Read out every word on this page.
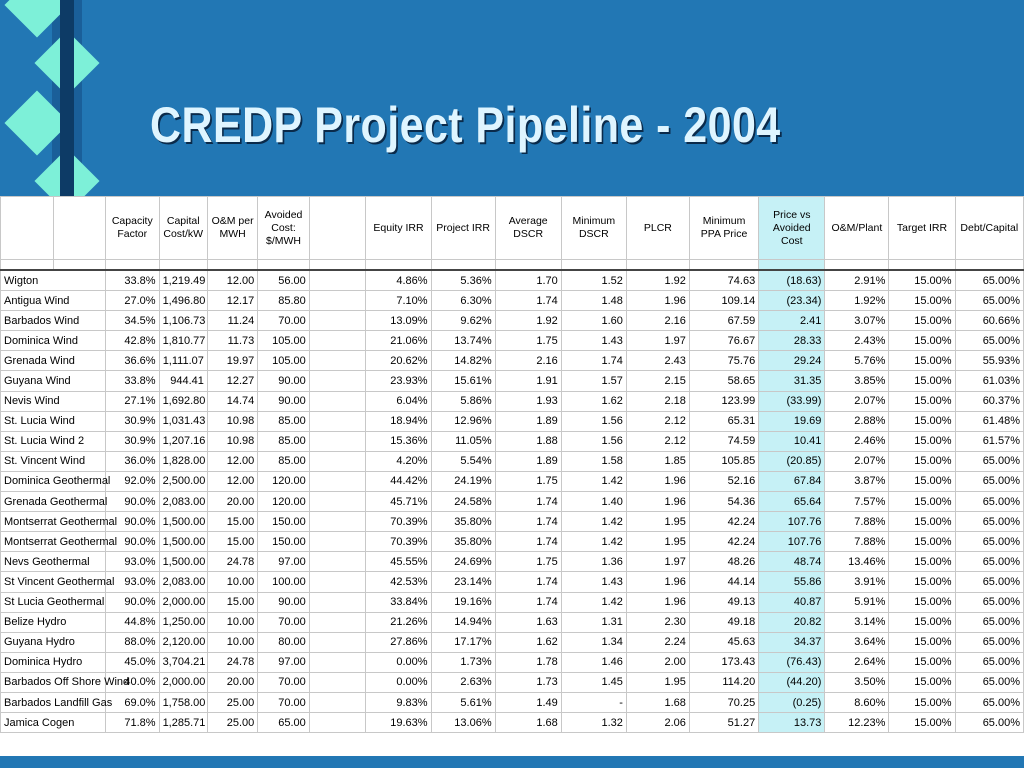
CREDP Project Pipeline - 2004
		Capacity Factor	Capital Cost/kW	O&M per MWH	Avoided Cost: $/MWH		Equity IRR	Project IRR	Average DSCR	Minimum DSCR	PLCR	Minimum PPA Price	Price vs Avoided Cost	O&M/Plant	Target IRR	Debt/Capital

Wigton		33.8%	1,219.49	12.00	56.00		4.86%	5.36%	1.70	1.52	1.92	74.63	(18.63)	2.91%	15.00%	65.00%
Antigua Wind		27.0%	1,496.80	12.17	85.80		7.10%	6.30%	1.74	1.48	1.96	109.14	(23.34)	1.92%	15.00%	65.00%
Barbados Wind		34.5%	1,106.73	11.24	70.00		13.09%	9.62%	1.92	1.60	2.16	67.59	2.41	3.07%	15.00%	60.66%
Dominica Wind		42.8%	1,810.77	11.73	105.00		21.06%	13.74%	1.75	1.43	1.97	76.67	28.33	2.43%	15.00%	65.00%
Grenada Wind		36.6%	1,111.07	19.97	105.00		20.62%	14.82%	2.16	1.74	2.43	75.76	29.24	5.76%	15.00%	55.93%
Guyana Wind		33.8%	944.41	12.27	90.00		23.93%	15.61%	1.91	1.57	2.15	58.65	31.35	3.85%	15.00%	61.03%
Nevis Wind		27.1%	1,692.80	14.74	90.00		6.04%	5.86%	1.93	1.62	2.18	123.99	(33.99)	2.07%	15.00%	60.37%
St. Lucia Wind		30.9%	1,031.43	10.98	85.00		18.94%	12.96%	1.89	1.56	2.12	65.31	19.69	2.88%	15.00%	61.48%
St. Lucia Wind 2		30.9%	1,207.16	10.98	85.00		15.36%	11.05%	1.88	1.56	2.12	74.59	10.41	2.46%	15.00%	61.57%
St. Vincent Wind		36.0%	1,828.00	12.00	85.00		4.20%	5.54%	1.89	1.58	1.85	105.85	(20.85)	2.07%	15.00%	65.00%
Dominica Geothermal		92.0%	2,500.00	12.00	120.00		44.42%	24.19%	1.75	1.42	1.96	52.16	67.84	3.87%	15.00%	65.00%
Grenada Geothermal		90.0%	2,083.00	20.00	120.00		45.71%	24.58%	1.74	1.40	1.96	54.36	65.64	7.57%	15.00%	65.00%
Montserrat Geothermal		90.0%	1,500.00	15.00	150.00		70.39%	35.80%	1.74	1.42	1.95	42.24	107.76	7.88%	15.00%	65.00%
Montserrat Geothermal		90.0%	1,500.00	15.00	150.00		70.39%	35.80%	1.74	1.42	1.95	42.24	107.76	7.88%	15.00%	65.00%
Nevs Geothermal		93.0%	1,500.00	24.78	97.00		45.55%	24.69%	1.75	1.36	1.97	48.26	48.74	13.46%	15.00%	65.00%
St Vincent Geothermal		93.0%	2,083.00	10.00	100.00		42.53%	23.14%	1.74	1.43	1.96	44.14	55.86	3.91%	15.00%	65.00%
St Lucia Geothermal		90.0%	2,000.00	15.00	90.00		33.84%	19.16%	1.74	1.42	1.96	49.13	40.87	5.91%	15.00%	65.00%
Belize Hydro		44.8%	1,250.00	10.00	70.00		21.26%	14.94%	1.63	1.31	2.30	49.18	20.82	3.14%	15.00%	65.00%
Guyana Hydro		88.0%	2,120.00	10.00	80.00		27.86%	17.17%	1.62	1.34	2.24	45.63	34.37	3.64%	15.00%	65.00%
Dominica Hydro		45.0%	3,704.21	24.78	97.00		0.00%	1.73%	1.78	1.46	2.00	173.43	(76.43)	2.64%	15.00%	65.00%
Barbados Off Shore Wind		40.0%	2,000.00	20.00	70.00		0.00%	2.63%	1.73	1.45	1.95	114.20	(44.20)	3.50%	15.00%	65.00%
Barbados Landfill Gas		69.0%	1,758.00	25.00	70.00		9.83%	5.61%	1.49	-	1.68	70.25	(0.25)	8.60%	15.00%	65.00%
Jamica Cogen		71.8%	1,285.71	25.00	65.00		19.63%	13.06%	1.68	1.32	2.06	51.27	13.73	12.23%	15.00%	65.00%
